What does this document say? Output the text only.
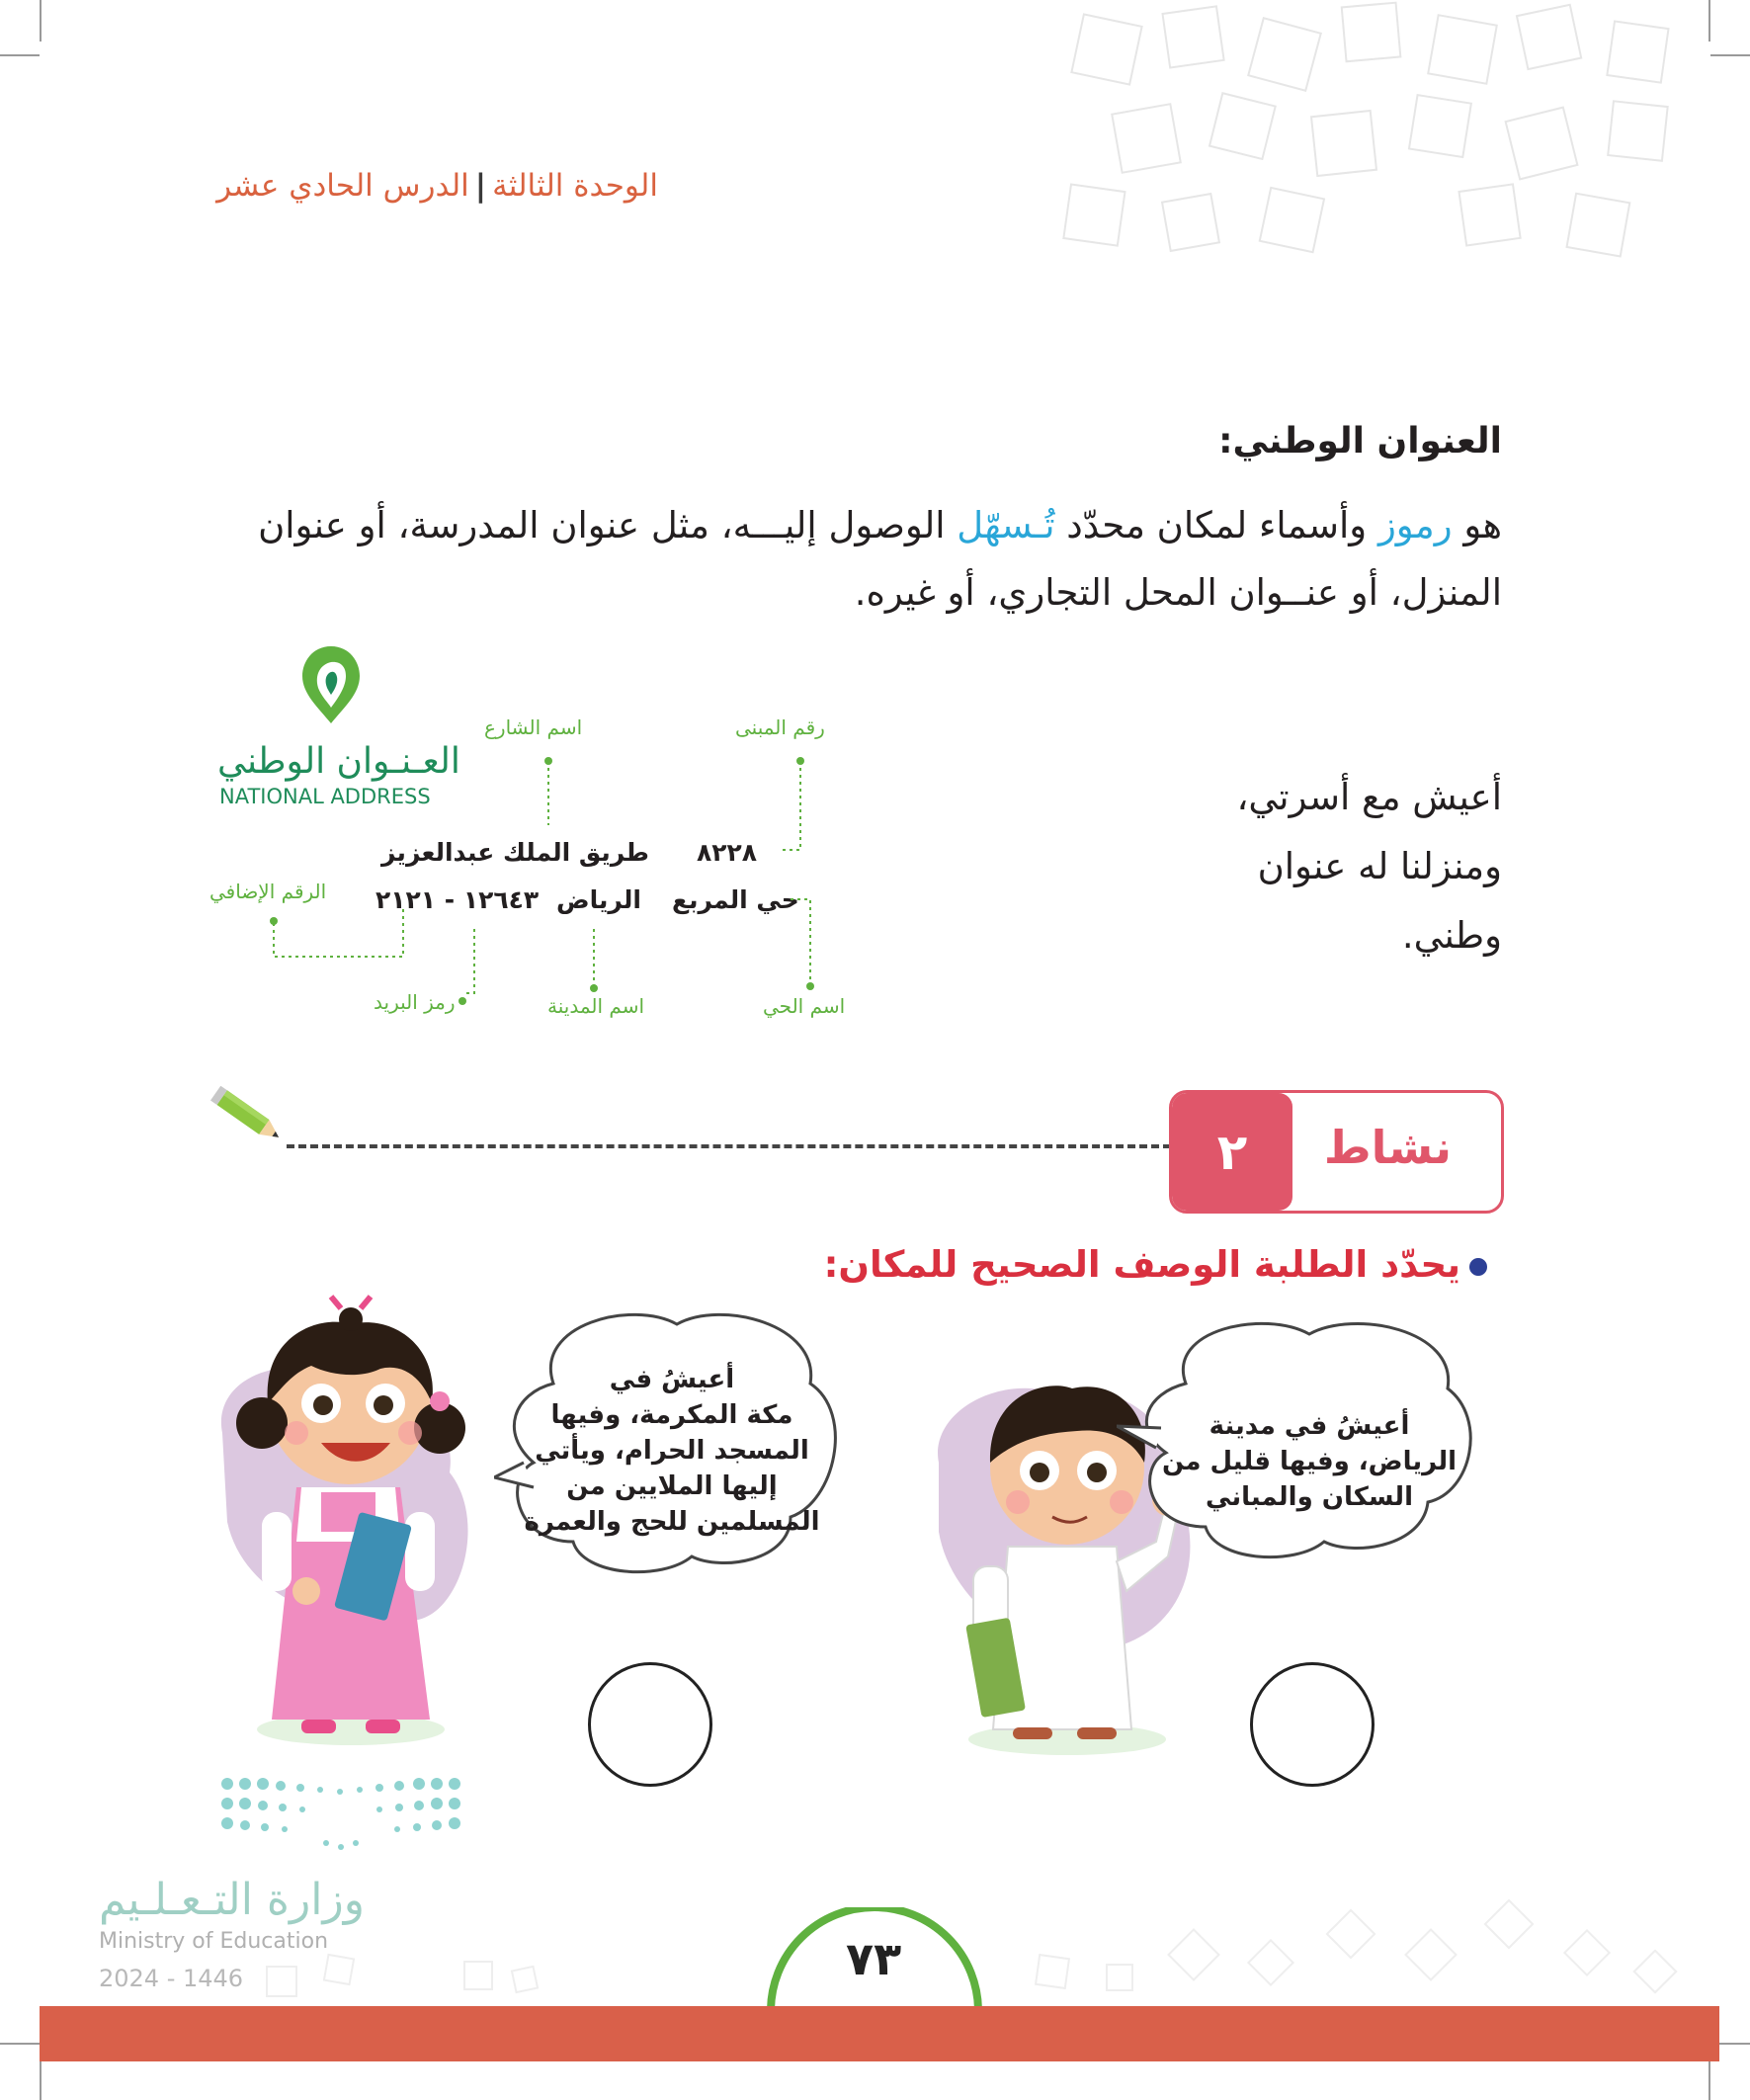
الوحدة الثالثة|الدرس الحادي عشر
العنوان الوطني:
هو رموز وأسماء لمكان محدّد تُـسهّل الوصول إليـــه، مثل عنوان المدرسة، أو عنوان المنزل، أو عنــوان المحل التجاري، أو غيره.
أعيش مع أسرتي، ومنزلنا له عنوان وطني.
العـنـوان الوطني
NATIONAL ADDRESS
رقم المبنى
اسم الشارع
الرقم الإضافي
رمز البريد	اسم المدينة	اسم الحي
٨٢٢٨
طريق الملك عبدالعزيز
حي المربع
الرياض
١٢٦٤٣ - ٢١٢١
٢	نشاط
يحدّد الطلبة الوصف الصحيح للمكان:
أعيشُ في
مكة المكرمة، وفيها
المسجد الحرام، ويأتي
إليها الملايين من
المسلمين للحج والعمرة
أعيشُ في مدينة
الرياض، وفيها قليل من
السكان والمباني
وزارة التـعـلـيم
Ministry of Education
2024 - 1446	٧٣
